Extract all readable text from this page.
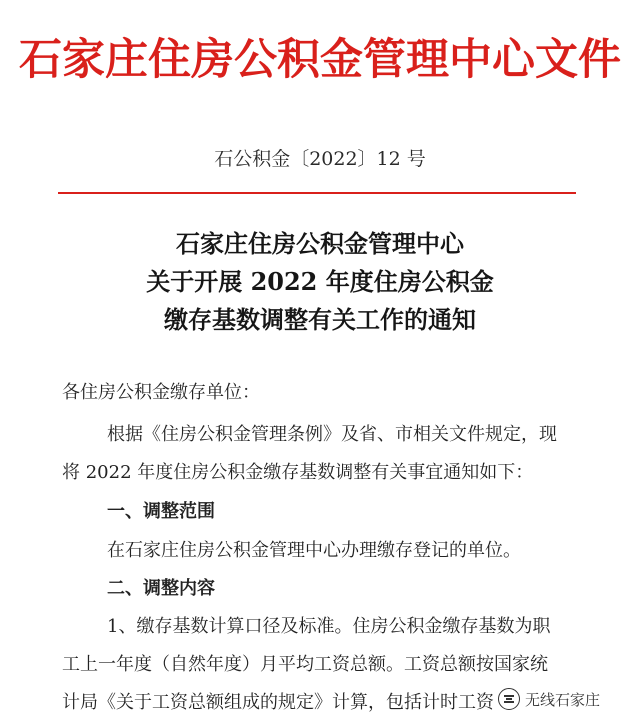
石家庄住房公积金管理中心文件
石公积金〔2022〕12 号
石家庄住房公积金管理中心
关于开展 2022 年度住房公积金
缴存基数调整有关工作的通知
各住房公积金缴存单位：
根据《住房公积金管理条例》及省、市相关文件规定，现
将 2022 年度住房公积金缴存基数调整有关事宜通知如下：
一、调整范围
在石家庄住房公积金管理中心办理缴存登记的单位。
二、调整内容
1、缴存基数计算口径及标准。住房公积金缴存基数为职
工上一年度（自然年度）月平均工资总额。工资总额按国家统
计局《关于工资总额组成的规定》计算，包括计时工资 无线石家庄
